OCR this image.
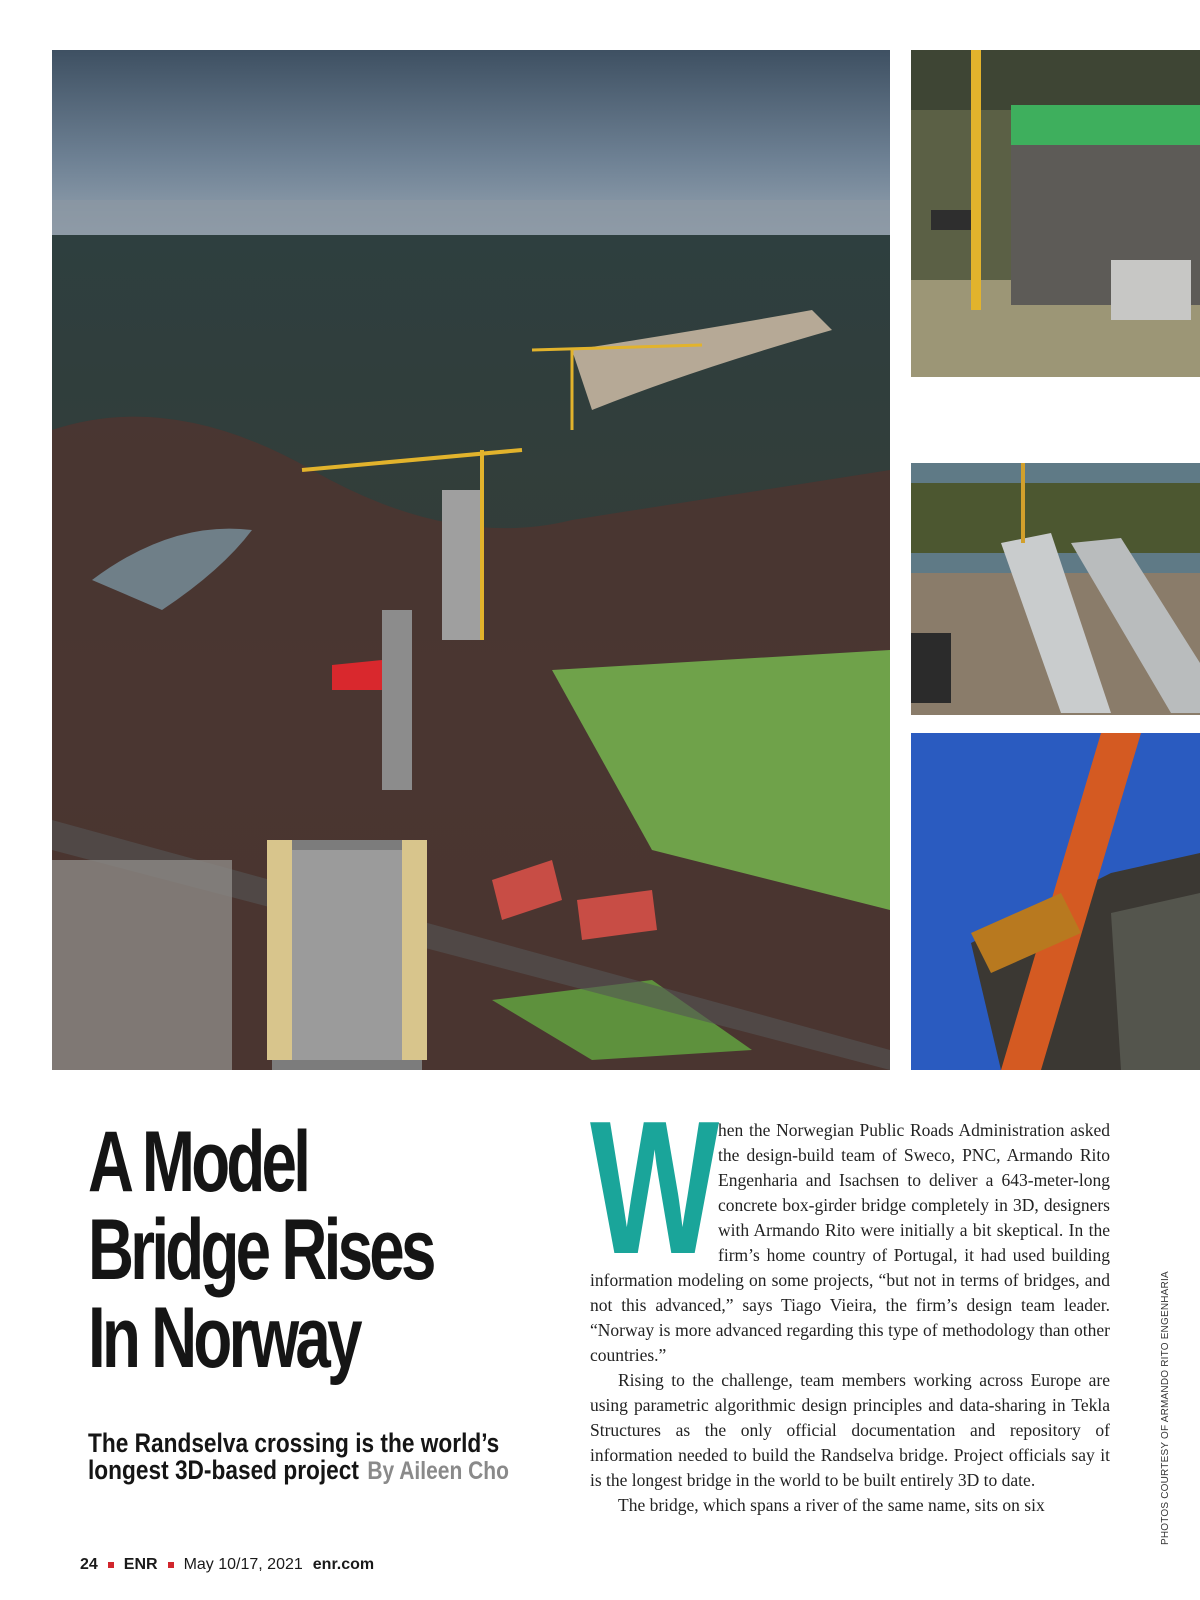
A Model
Bridge Rises
In Norway
The Randselva crossing is the world’s
longest 3D-based project By Aileen Cho
W

hen the Norwegian Public Roads Administration asked the design-build team of Sweco, PNC, Armando Rito Engenharia and Isachsen to deliver a 643-meter-long concrete box-girder bridge completely in 3D, designers with Armando Rito were initially a bit skeptical. In the firm’s home country of Portugal, it had used building information modeling on some projects, “but not in terms of bridges, and not this advanced,” says Tiago Vieira, the firm’s design team leader. “Norway is more advanced regarding this type of methodology than other countries.”

Rising to the challenge, team members working across Europe are using parametric algorithmic design principles and data-sharing in Tekla Structures as the only official documentation and repository of information needed to build the Randselva bridge. Project officials say it is the longest bridge in the world to be built entirely 3D to date.

The bridge, which spans a river of the same name, sits on six	PHOTOS COURTESY OF ARMANDO RITO ENGENHARIA
24 ENR May 10/17, 2021 enr.com
